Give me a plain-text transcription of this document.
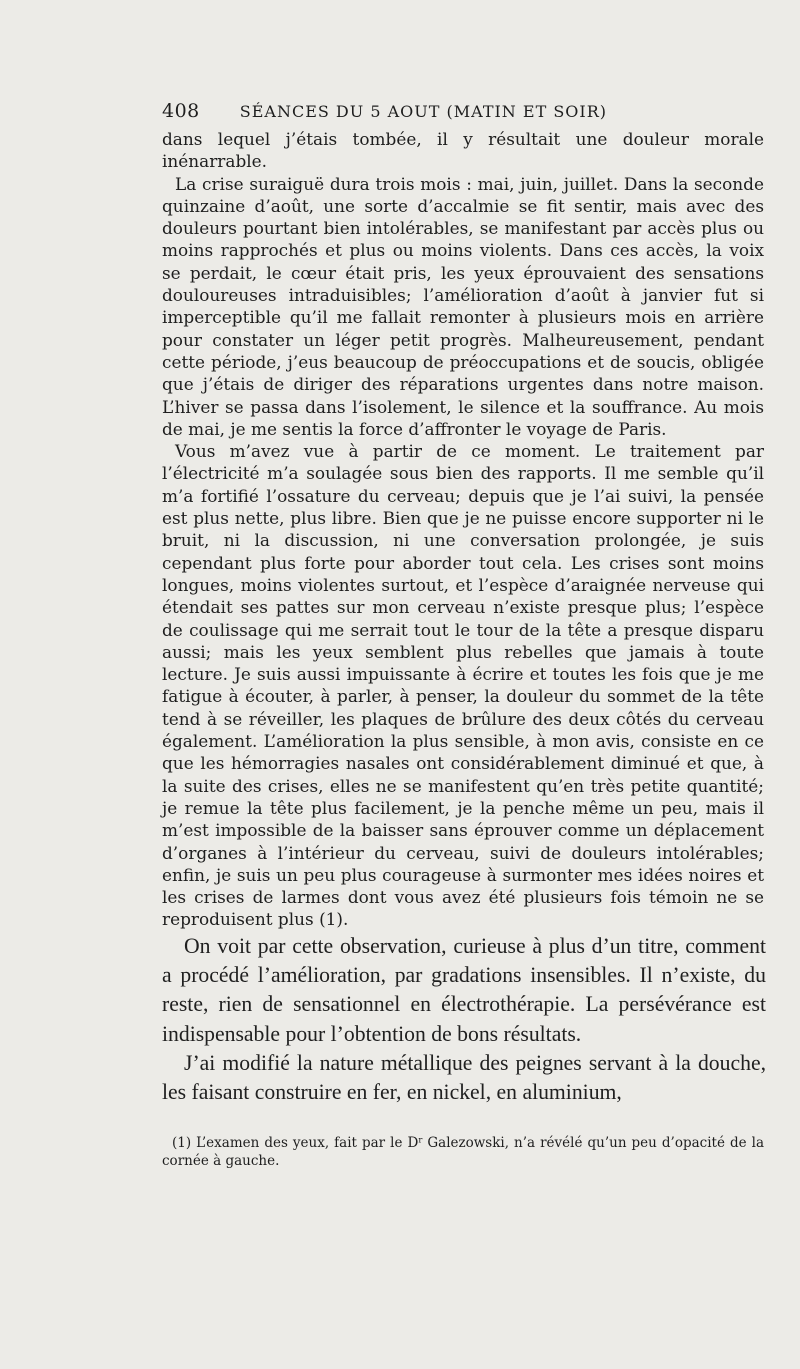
408	SÉANCES DU 5 AOUT (MATIN ET SOIR)

dans lequel j’étais tombée, il y résultait une douleur morale inénarrable.

La crise suraiguë dura trois mois : mai, juin, juillet. Dans la seconde quinzaine d’août, une sorte d’accalmie se fit sentir, mais avec des douleurs pourtant bien intolérables, se manifestant par accès plus ou moins rapprochés et plus ou moins violents. Dans ces accès, la voix se perdait, le cœur était pris, les yeux éprouvaient des sensations douloureuses intraduisibles; l’amélioration d’août à janvier fut si imperceptible qu’il me fallait remonter à plusieurs mois en arrière pour constater un léger petit progrès. Malheureusement, pendant cette période, j’eus beaucoup de préoccupations et de soucis, obligée que j’étais de diriger des réparations urgentes dans notre maison. L’hiver se passa dans l’isolement, le silence et la souffrance. Au mois de mai, je me sentis la force d’affronter le voyage de Paris.

Vous m’avez vue à partir de ce moment. Le traitement par l’électricité m’a soulagée sous bien des rapports. Il me semble qu’il m’a fortifié l’ossature du cerveau; depuis que je l’ai suivi, la pensée est plus nette, plus libre. Bien que je ne puisse encore supporter ni le bruit, ni la discussion, ni une conversation prolongée, je suis cependant plus forte pour aborder tout cela. Les crises sont moins longues, moins violentes surtout, et l’espèce d’araignée nerveuse qui étendait ses pattes sur mon cerveau n’existe presque plus; l’espèce de coulissage qui me serrait tout le tour de la tête a presque disparu aussi; mais les yeux semblent plus rebelles que jamais à toute lecture. Je suis aussi impuissante à écrire et toutes les fois que je me fatigue à écouter, à parler, à penser, la douleur du sommet de la tête tend à se réveiller, les plaques de brûlure des deux côtés du cerveau également. L’amélioration la plus sensible, à mon avis, consiste en ce que les hémorragies nasales ont considérablement diminué et que, à la suite des crises, elles ne se manifestent qu’en très petite quantité; je remue la tête plus facilement, je la penche même un peu, mais il m’est impossible de la baisser sans éprouver comme un déplacement d’organes à l’intérieur du cerveau, suivi de douleurs intolérables; enfin, je suis un peu plus courageuse à surmonter mes idées noires et les crises de larmes dont vous avez été plusieurs fois témoin ne se reproduisent plus (1).

On voit par cette observation, curieuse à plus d’un titre, comment a procédé l’amélioration, par gradations insensibles. Il n’existe, du reste, rien de sensationnel en électrothérapie. La persévérance est indispensable pour l’obtention de bons résultats.

J’ai modifié la nature métallique des peignes servant à la douche, les faisant construire en fer, en nickel, en aluminium,

(1) L’examen des yeux, fait par le $D^r$ Galezowski, n’a révélé qu’un peu d’opacité de la cornée à gauche.
